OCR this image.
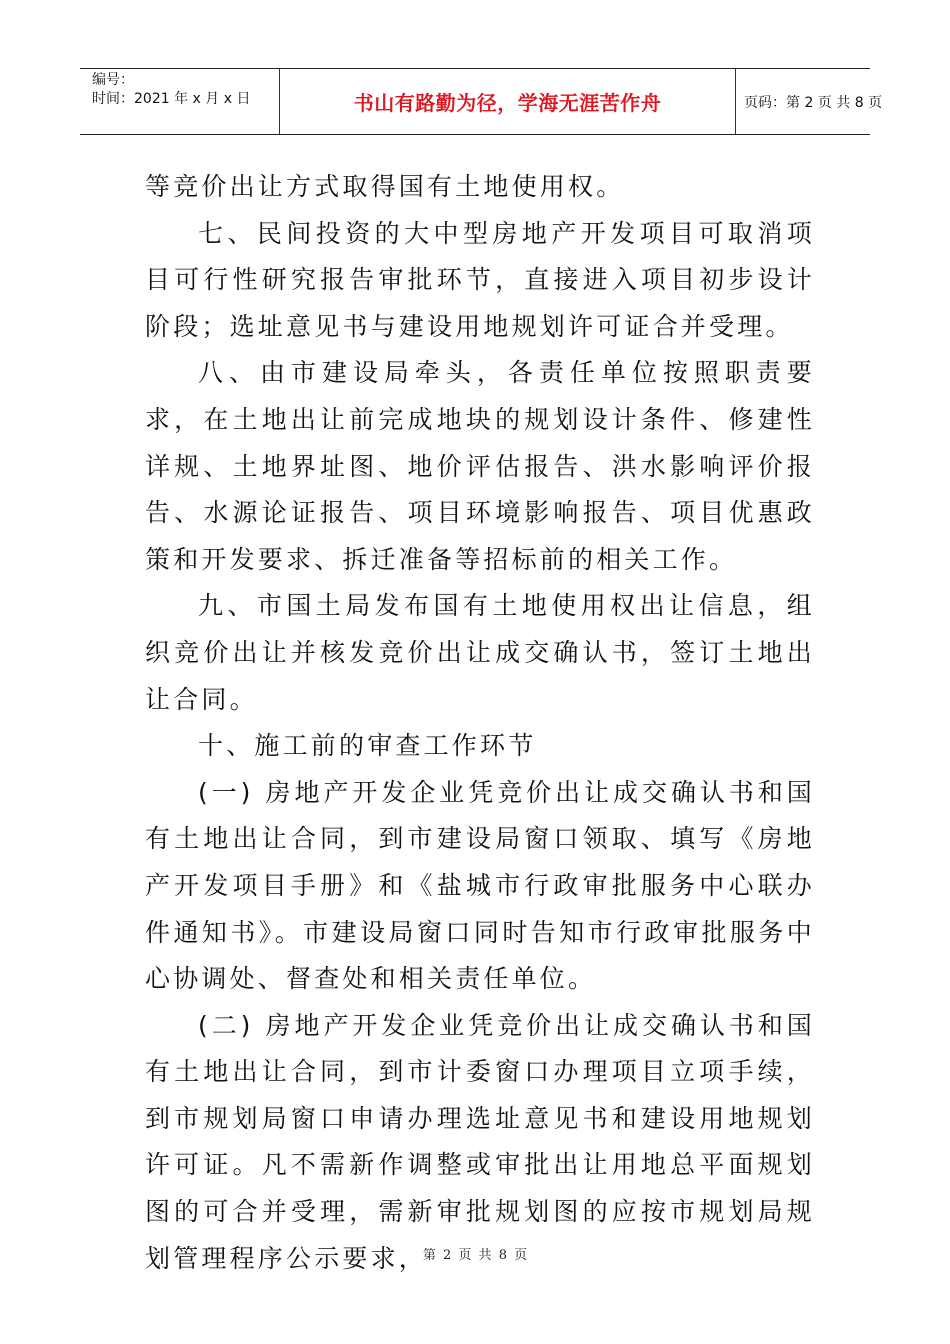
编号：
时间：2021 年 x 月 x 日	书山有路勤为径，学海无涯苦作舟	页码：第 2 页 共 8 页

等竞价出让方式取得国有土地使用权。

七、民间投资的大中型房地产开发项目可取消项目可行性研究报告审批环节，直接进入项目初步设计阶段；选址意见书与建设用地规划许可证合并受理。

八、由市建设局牵头，各责任单位按照职责要求，在土地出让前完成地块的规划设计条件、修建性详规、土地界址图、地价评估报告、洪水影响评价报告、水源论证报告、项目环境影响报告、项目优惠政策和开发要求、拆迁准备等招标前的相关工作。

九、市国土局发布国有土地使用权出让信息，组织竞价出让并核发竞价出让成交确认书，签订土地出让合同。

十、施工前的审查工作环节

(一) 房地产开发企业凭竞价出让成交确认书和国有土地出让合同，到市建设局窗口领取、填写《房地产开发项目手册》和《盐城市行政审批服务中心联办件通知书》。市建设局窗口同时告知市行政审批服务中心协调处、督查处和相关责任单位。

(二) 房地产开发企业凭竞价出让成交确认书和国有土地出让合同，到市计委窗口办理项目立项手续，到市规划局窗口申请办理选址意见书和建设用地规划许可证。凡不需新作调整或审批出让用地总平面规划图的可合并受理，需新审批规划图的应按市规划局规划管理程序公示要求，

第 2 页 共 8 页
